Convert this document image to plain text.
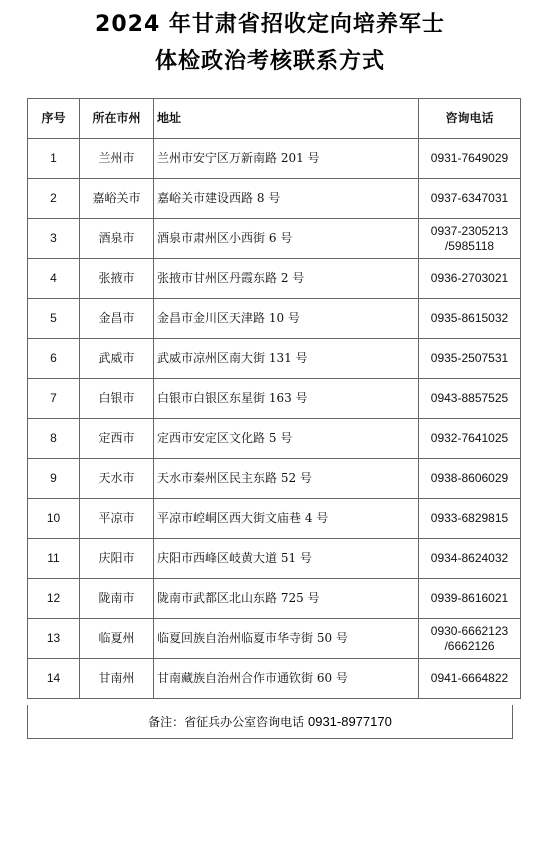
2024 年甘肃省招收定向培养军士
体检政治考核联系方式
序号	所在市州	地址	咨询电话
1	兰州市	兰州市安宁区万新南路 201 号	0931-7649029
2	嘉峪关市	嘉峪关市建设西路 8 号	0937-6347031
3	酒泉市	酒泉市肃州区小西街 6 号	0937-2305213
/5985118
4	张掖市	张掖市甘州区丹霞东路 2 号	0936-2703021
5	金昌市	金昌市金川区天津路 10 号	0935-8615032
6	武威市	武威市凉州区南大街 131 号	0935-2507531
7	白银市	白银市白银区东星街 163 号	0943-8857525
8	定西市	定西市安定区文化路 5 号	0932-7641025
9	天水市	天水市秦州区民主东路 52 号	0938-8606029
10	平凉市	平凉市崆峒区西大街文庙巷 4 号	0933-6829815
11	庆阳市	庆阳市西峰区岐黄大道 51 号	0934-8624032
12	陇南市	陇南市武都区北山东路 725 号	0939-8616021
13	临夏州	临夏回族自治州临夏市华寺街 50 号	0930-6662123
/6662126
14	甘南州	甘南藏族自治州合作市通钦街 60 号	0941-6664822
备注：省征兵办公室咨询电话 0931-8977170
